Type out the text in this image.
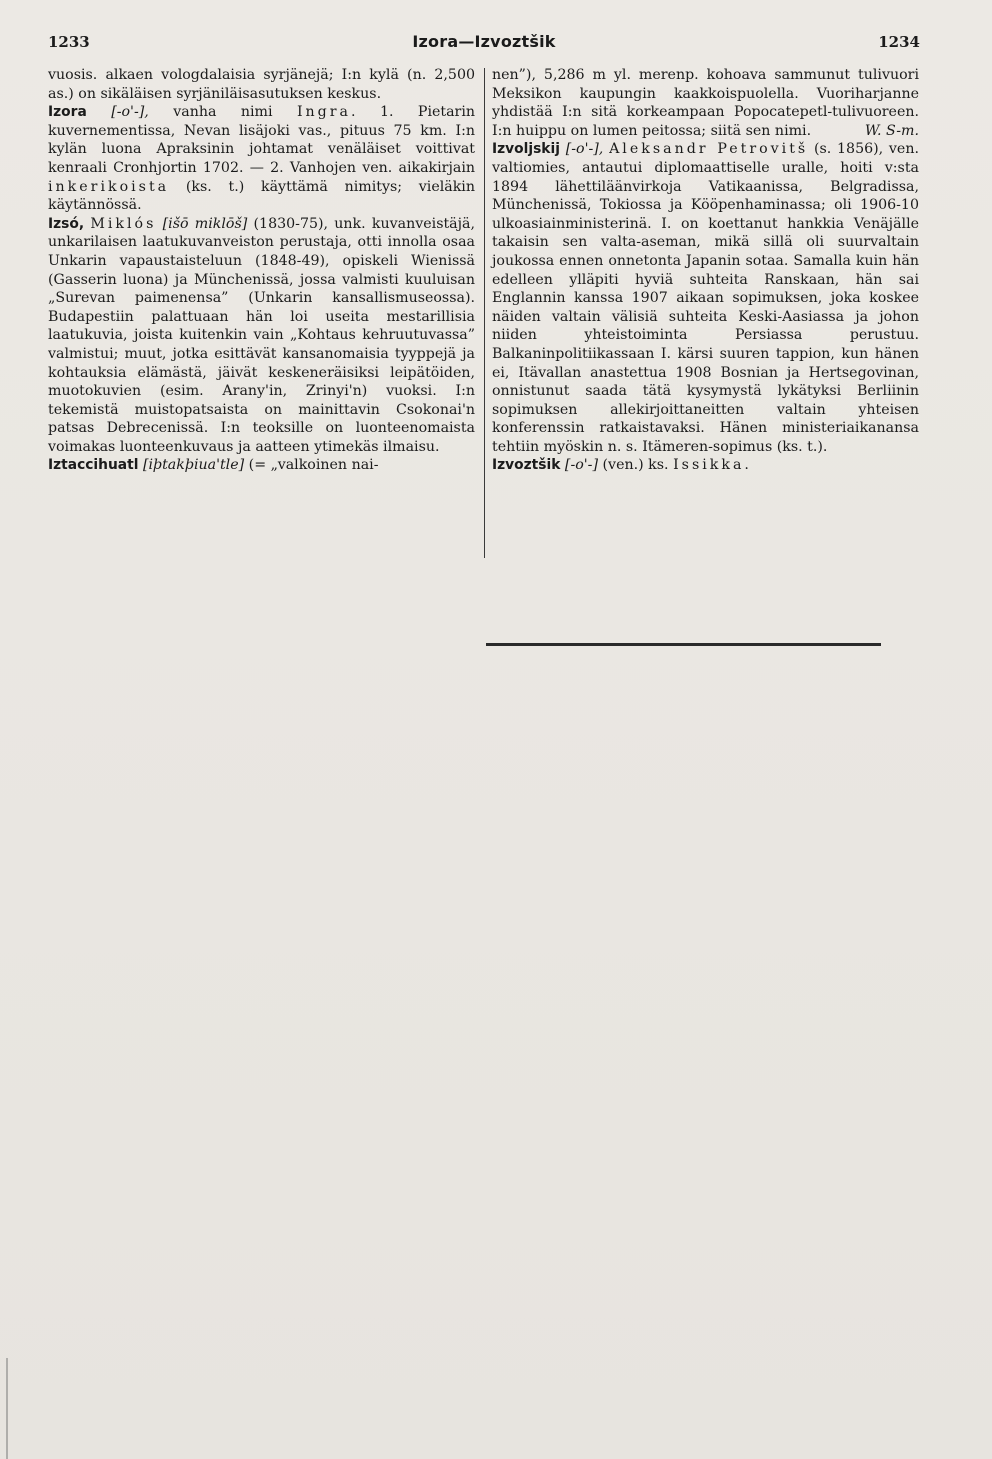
1233	Izora—Izvoztšik	1234

vuosis. alkaen vologdalaisia syrjänejä; I:n kylä (n. 2,500 as.) on sikäläisen syrjäniläisasutuksen keskus.

Izora [-o'-], vanha nimi Ingra. 1. Pietarin kuvernementissa, Nevan lisäjoki vas., pituus 75 km. I:n kylän luona Apraksinin johtamat venäläiset voittivat kenraali Cronhjortin 1702. — 2. Vanhojen ven. aikakirjain inkerikoista (ks. t.) käyttämä nimitys; vieläkin käytännössä.

Izsó, Miklós [išō miklōš] (1830-75), unk. kuvanveistäjä, unkarilaisen laatukuvanveiston perustaja, otti innolla osaa Unkarin vapaustaisteluun (1848-49), opiskeli Wienissä (Gasserin luona) ja Münchenissä, jossa valmisti kuuluisan „Surevan paimenensa” (Unkarin kansallismuseossa). Budapestiin palattuaan hän loi useita mestarillisia laatukuvia, joista kuitenkin vain „Kohtaus kehruutuvassa” valmistui; muut, jotka esittävät kansanomaisia tyyppejä ja kohtauksia elämästä, jäivät keskeneräisiksi leipätöiden, muotokuvien (esim. Arany'in, Zrinyi'n) vuoksi. I:n tekemistä muistopatsaista on mainittavin Csokonai'n patsas Debrecenissä. I:n teoksille on luonteenomaista voimakas luonteenkuvaus ja aatteen ytimekäs ilmaisu.

Iztaccihuatl [iþtakþiua'tle] (= „valkoinen nai-

nen”), 5,286 m yl. merenp. kohoava sammunut tulivuori Meksikon kaupungin kaakkoispuolella. Vuoriharjanne yhdistää I:n sitä korkeampaan Popocatepetl-tulivuoreen. I:n huippu on lumen peitossa; siitä sen nimi.	W. S-m.

Izvoljskij [-o'-], Aleksandr Petrovitš (s. 1856), ven. valtiomies, antautui diplomaattiselle uralle, hoiti v:sta 1894 lähettiläänvirkoja Vatikaanissa, Belgradissa, Münchenissä, Tokiossa ja Kööpenhaminassa; oli 1906-10 ulkoasiainministerinä. I. on koettanut hankkia Venäjälle takaisin sen valta-aseman, mikä sillä oli suurvaltain joukossa ennen onnetonta Japanin sotaa. Samalla kuin hän edelleen ylläpiti hyviä suhteita Ranskaan, hän sai Englannin kanssa 1907 aikaan sopimuksen, joka koskee näiden valtain välisiä suhteita Keski-Aasiassa ja johon niiden yhteistoiminta Persiassa perustuu. Balkaninpolitiikassaan I. kärsi suuren tappion, kun hänen ei, Itävallan anastettua 1908 Bosnian ja Hertsegovinan, onnistunut saada tätä kysymystä lykätyksi Berliinin sopimuksen allekirjoittaneitten valtain yhteisen konferenssin ratkaistavaksi. Hänen ministeriaikanansa tehtiin myöskin n. s. Itämeren-sopimus (ks. t.).

Izvoztšik [-o'-] (ven.) ks. Issikka.
